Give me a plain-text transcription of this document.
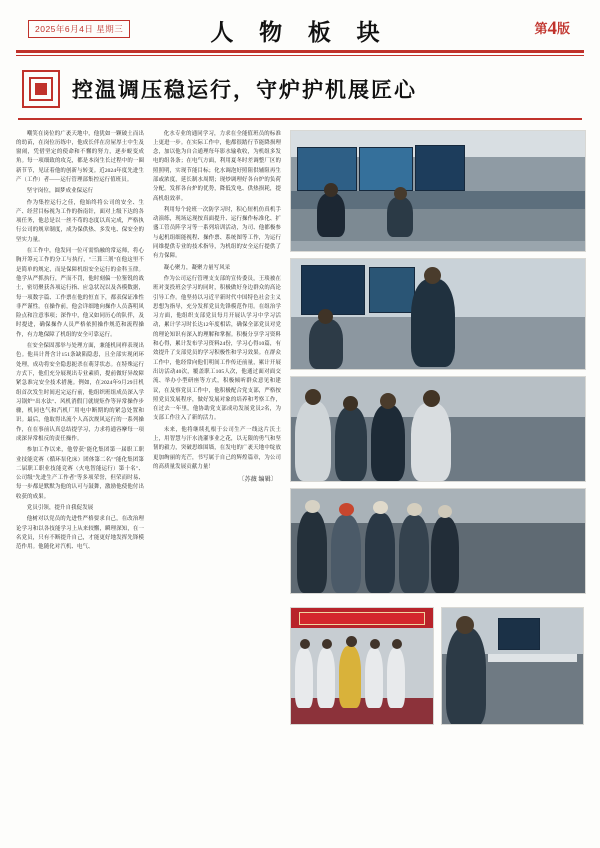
2025年6月4日 星期三	人 物 板 块	第4版
控温调压稳运行，守炉护机展匠心

嘲笑在岗位的广袤天地中，他犹如一颗破土而出的幼苗，在岗位历练中，他成长伴在房屋厚土中生及窗闹，凭借坚定的使命和不懈的努力，逐步蜕变成角。每一项细致的攻克，都是本岗生长过程中的一圈新节节，见证着他的创新与转变。近2024年度先进生产（工作）者——运行管理部集控运行值班员。

坚守岗位，圆梦成业保运行

作为集控运行之佳，他始终将公司的安全、生产、经营目标视为工作的指南针，面对上级下达的各项任务，他总是以一丝不苟的态度以真完成，严格执行公司的规章制度，成为保供热、多发电、保安全的坚实力量。

在工作中，他发同一位可需恰融的常运师，将心胸开筹元工作的分工与执行，"三算三剂"在他这里不是简单的规定，而是保障机组安全运行的金科玉律。他学从严抓执行，严而不罚，他时刻偏一位鉴锐的战士，密切聚获各项运行指、应急状况以及各模数据，每一项数字篇、工作票在他的恒直下，都表保证准性非严谨性。在操作前，他会详细地向操作人员落明风险点和注意事项；深作中，他又如同历心的队伴，及时提进，确保操作人员严格依照操作规范和流程操作，有力地保障了机组的安全可靠运行。

在安全保固那举与处理方面，兼能机同样表现出色。他具计肾含计151条缺陷隐患，且全部实现闭环处理，成功将安全隐患扼杀在萌芽状态。在特殊运行方式下，他们充分展现出专业素质，提前做好异故障紧急准完安全技术措施。例如，在2024年9月29日机组首次发生时间迟完运行前，他组织班组成员深入学习锅炉"出水法"、风机消假门就规矩作等异常操作步骤，机同也气和汽机厂用电中断期的的紧急处置和识。最后，他取得出流个人高次规风运行的一系列操作，在在事前认真总结提学习，力求将通容摩每一项成深异常根反的责任操作。

参加工作以来，他曾获"能化集团第一届职工职业技能竞赛（循环泵化床）团体第二名""能化集团第二届职工职业技能竞赛（火电智能运行）第十名"、公司级"先进生产工作者"等多项荣誉，但荣而时易、每一步都是默默为他的认可与鼓舞，激励他使他付出收获的成果。

党员引领，提升自我促发展

他树对以党员的先进性严格要求自己，在改治理论学习和以各技能学习上从来较懈，瞬理深知，在一名党员，只有不断提升自己，才能更好地发挥先锋模范作用。他随化对汽机、电气、

化水专业的通同学习，力求在全能值班员的标准上更进一步。在实际工作中，他都很踏行节能降损理念，加以他为自合通理每年影水输收收，为机组多发电的组各条；在电气方面，利用夏冬时差调整厂区的照照明，实现节能目标；化水调泡好照阻供辅阻再生部或浓度，延长制水周期；现炒调理好各台炉的负荷分配，发挥各台炉的优势，降低发电、供热损耗，提高机组效率。

利用每个轮班一次防学习时，积心短机仿真机手动演练，现场运现按真面提升、运行操作标准化、扩盛工管员阵学习等一系列培训活动，为司、他都极参与起机组细能视程、操作票、系统图等工作，为运行同维提供专业的技术指导，为机组的安全运行提供了有力保障。

凝心聚力，凝聚力量写风采

作为公司运行管理支支部的宣传委员，王琰被在班对变投班会学习的同时，积极做好身边群众的高论引导工作。他坚持以习近平新时代中国特色社会主义思想为指导，充分发挥党员先锋模范作用。在组治学习方面，他组织支部党员每月开展认学习中学习活动，累计学习时长达12年度相话，确保全部党员对党的理论知识有深入的理解和掌握。积极分享学习资料和心得，累计发布学习资料24份，学习心得10篇，有效提升了支部党员的学习积极性和学习效果。在群众工作中，他经常向他们明间工作传还前量，累计开展出访活动40次，覆盖职工105人次，他通过面对面交流、举办小型研座等方式，积极倾听群众意见和建议，在及察党员工作中，他积极配合党支部，严格按照党员发展程序，做好发展对象的培养和考察工作，在过去一年里，他协助党支部成功发展党员2名，为支部工作注入了新的活力。

未来，他将继续扎根于公司生产一线这片沃土上，用智慧与汗水浇灌事业之花，以无限的勇气和坚韧的毅力，突破思维围墙，在发电的广袤天地中绽放更加绚丽的光芒，书写属于自己的辉煌篇章，为公司的高质量发展贡献力量！

〔苏薇 编辑〕
